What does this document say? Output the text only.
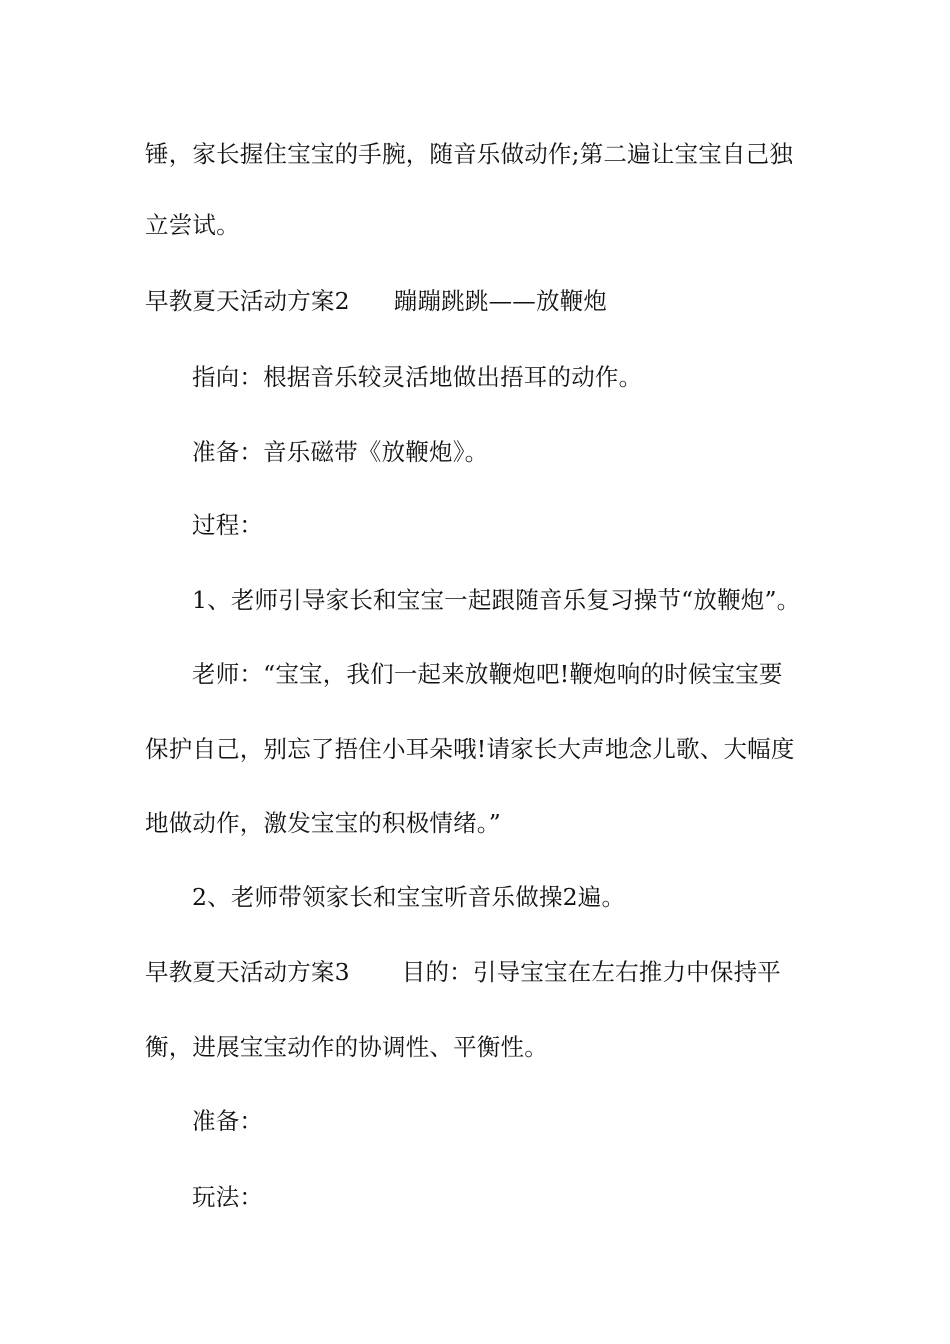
锤，家长握住宝宝的手腕，随音乐做动作;第二遍让宝宝自己独
立尝试。
早教夏天活动方案2 蹦蹦跳跳——放鞭炮
指向：根据音乐较灵活地做出捂耳的动作。
准备：音乐磁带《放鞭炮》。
过程：
1、老师引导家长和宝宝一起跟随音乐复习操节“放鞭炮”。
老师：“宝宝，我们一起来放鞭炮吧!鞭炮响的时候宝宝要
保护自己，别忘了捂住小耳朵哦!请家长大声地念儿歌、大幅度
地做动作，激发宝宝的积极情绪。”
2、老师带领家长和宝宝听音乐做操2遍。
早教夏天活动方案3 目的：引导宝宝在左右推力中保持平
衡，进展宝宝动作的协调性、平衡性。
准备：
玩法：
